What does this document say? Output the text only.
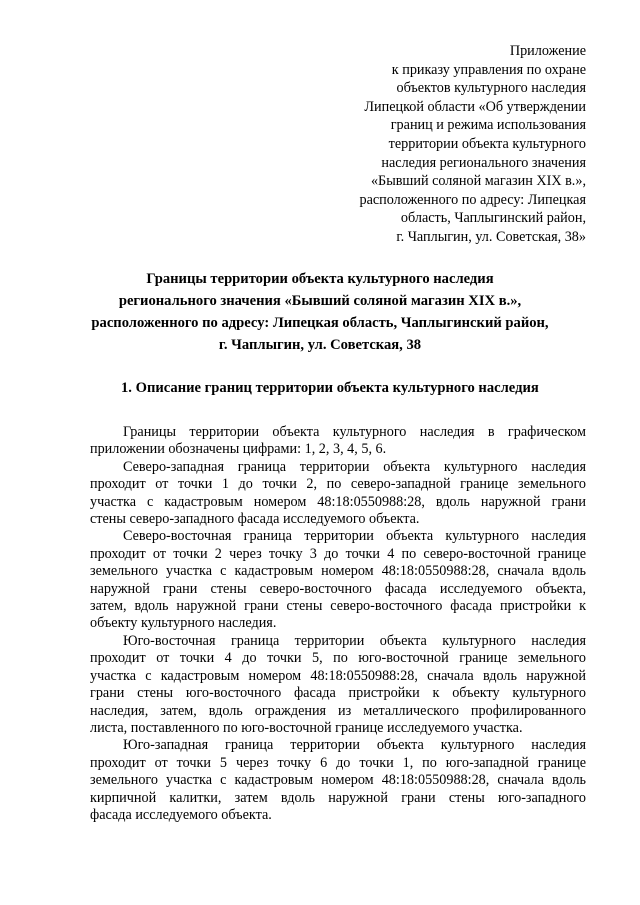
Приложение
к приказу управления по охране
объектов культурного наследия
Липецкой области «Об утверждении
границ и режима использования
территории объекта культурного
наследия регионального значения
«Бывший соляной магазин XIX в.»,
расположенного по адресу: Липецкая
область, Чаплыгинский район,
г. Чаплыгин, ул. Советская, 38»
Границы территории объекта культурного наследия
регионального значения «Бывший соляной магазин XIX в.»,
расположенного по адресу: Липецкая область, Чаплыгинский район,
г. Чаплыгин, ул. Советская, 38
1. Описание границ территории объекта культурного наследия
Границы территории объекта культурного наследия в графическом
приложении обозначены цифрами: 1, 2, 3, 4, 5, 6.
Северо-западная граница территории объекта культурного наследия
проходит от точки 1 до точки 2, по северо-западной границе земельного
участка с кадастровым номером 48:18:0550988:28, вдоль наружной грани
стены северо-западного фасада исследуемого объекта.
Северо-восточная граница территории объекта культурного наследия
проходит от точки 2 через точку 3 до точки 4 по северо-восточной границе
земельного участка с кадастровым номером 48:18:0550988:28, сначала вдоль
наружной грани стены северо-восточного фасада исследуемого объекта,
затем, вдоль наружной грани стены северо-восточного фасада пристройки к
объекту культурного наследия.
Юго-восточная граница территории объекта культурного наследия
проходит от точки 4 до точки 5, по юго-восточной границе земельного
участка с кадастровым номером 48:18:0550988:28, сначала вдоль наружной
грани стены юго-восточного фасада пристройки к объекту культурного
наследия, затем, вдоль ограждения из металлического профилированного
листа, поставленного по юго-восточной границе исследуемого участка.
Юго-западная граница территории объекта культурного наследия
проходит от точки 5 через точку 6 до точки 1, по юго-западной границе
земельного участка с кадастровым номером 48:18:0550988:28, сначала вдоль
кирпичной калитки, затем вдоль наружной грани стены юго-западного
фасада исследуемого объекта.
